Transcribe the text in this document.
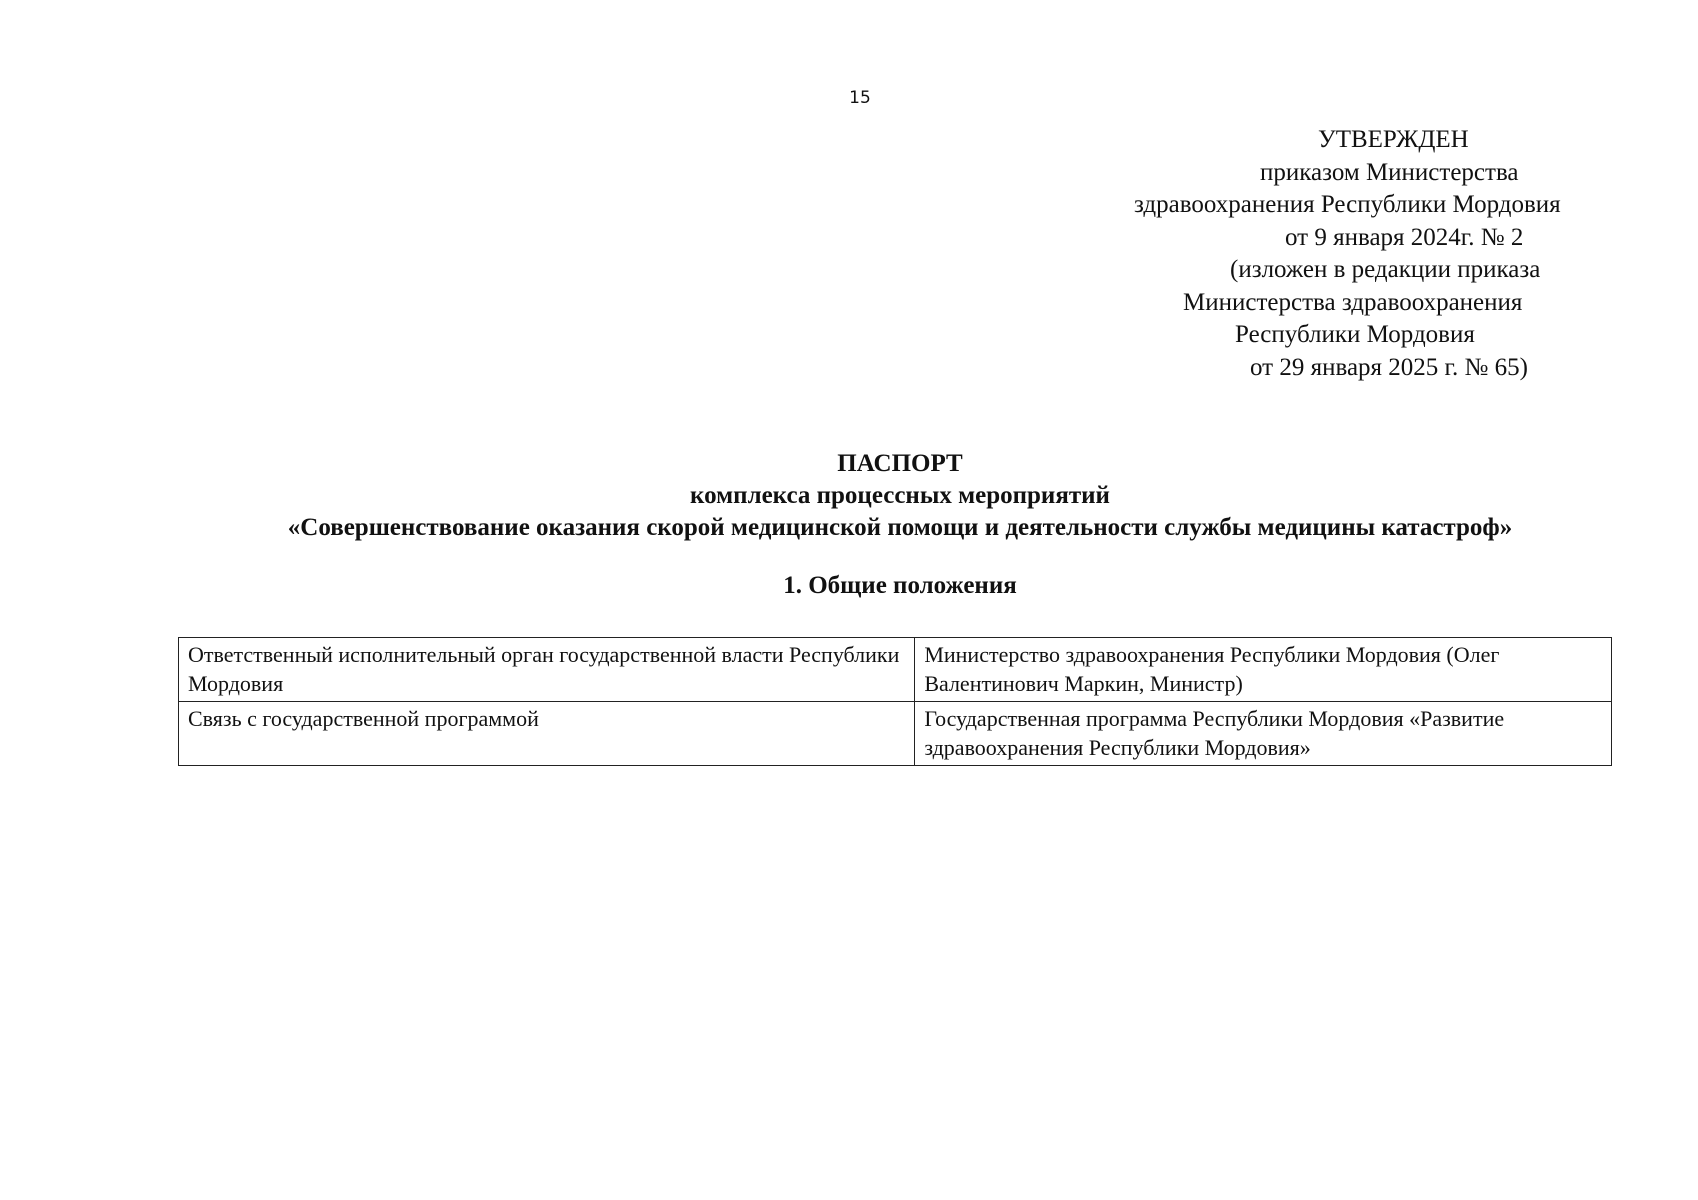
15
УТВЕРЖДЕН
приказом Министерства
здравоохранения Республики Мордовия
от 9 января 2024г. № 2
(изложен в редакции приказа
Министерства здравоохранения
Республики Мордовия
от 29 января 2025 г. № 65)
ПАСПОРТ
комплекса процессных мероприятий
«Совершенствование оказания скорой медицинской помощи и деятельности службы медицины катастроф»
1. Общие положения
Ответственный исполнительный орган государственной власти Республики Мордовия	Министерство здравоохранения Республики Мордовия (Олег Валентинович Маркин, Министр)
Связь с государственной программой	Государственная программа Республики Мордовия «Развитие здравоохранения Республики Мордовия»
